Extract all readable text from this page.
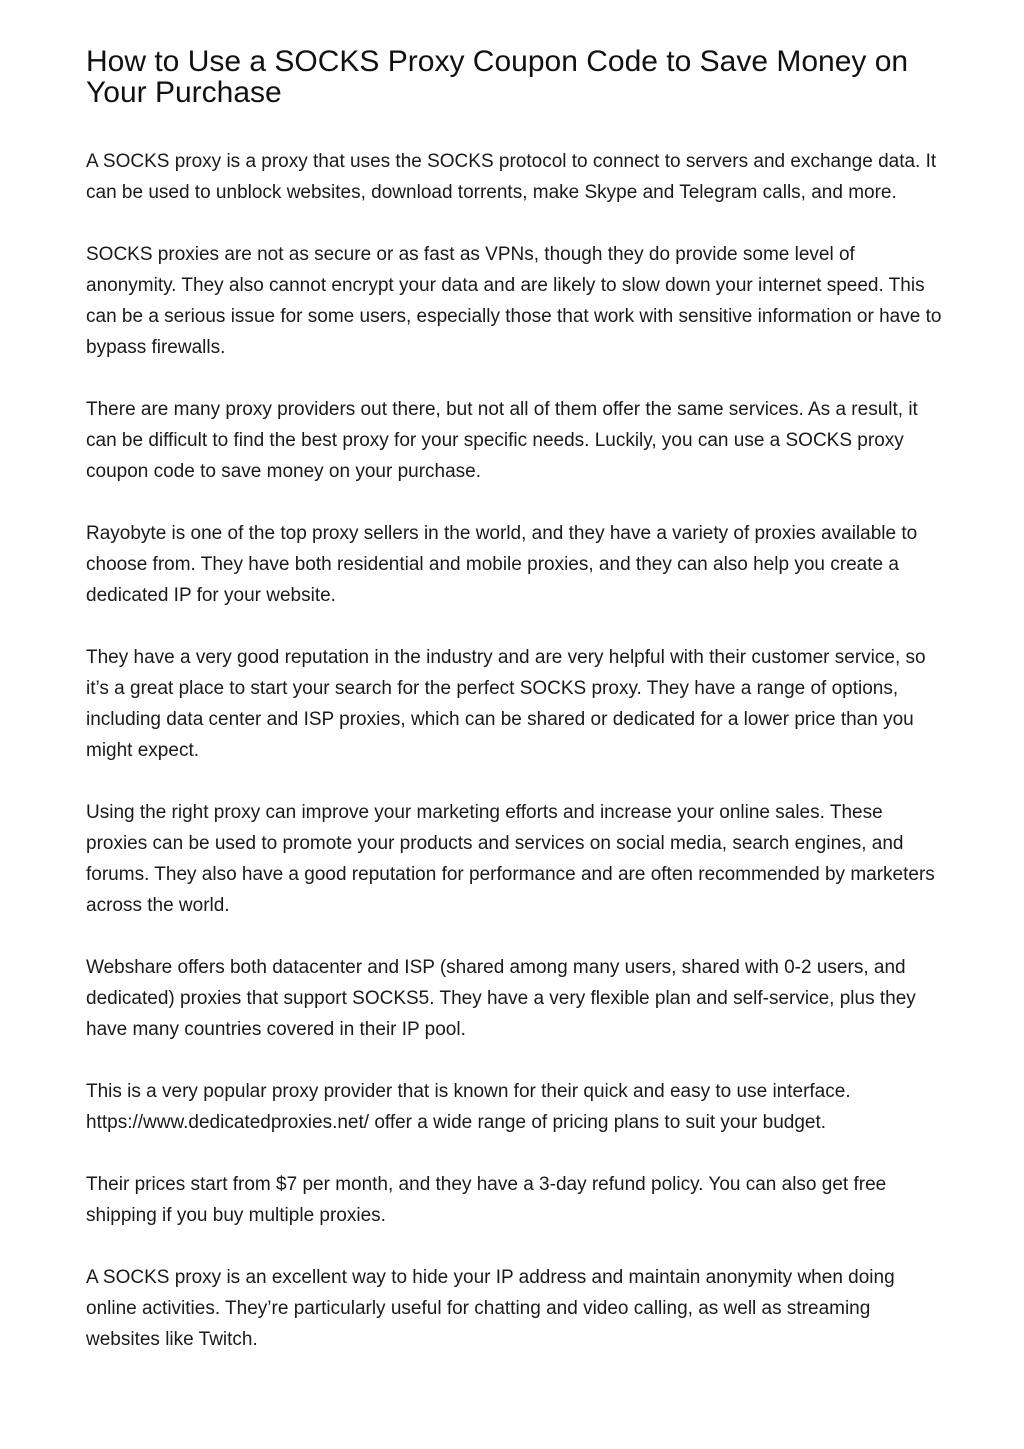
How to Use a SOCKS Proxy Coupon Code to Save Money on Your Purchase

A SOCKS proxy is a proxy that uses the SOCKS protocol to connect to servers and exchange data. It can be used to unblock websites, download torrents, make Skype and Telegram calls, and more.

SOCKS proxies are not as secure or as fast as VPNs, though they do provide some level of anonymity. They also cannot encrypt your data and are likely to slow down your internet speed. This can be a serious issue for some users, especially those that work with sensitive information or have to bypass firewalls.

There are many proxy providers out there, but not all of them offer the same services. As a result, it can be difficult to find the best proxy for your specific needs. Luckily, you can use a SOCKS proxy coupon code to save money on your purchase.

Rayobyte is one of the top proxy sellers in the world, and they have a variety of proxies available to choose from. They have both residential and mobile proxies, and they can also help you create a dedicated IP for your website.

They have a very good reputation in the industry and are very helpful with their customer service, so it’s a great place to start your search for the perfect SOCKS proxy. They have a range of options, including data center and ISP proxies, which can be shared or dedicated for a lower price than you might expect.

Using the right proxy can improve your marketing efforts and increase your online sales. These proxies can be used to promote your products and services on social media, search engines, and forums. They also have a good reputation for performance and are often recommended by marketers across the world.

Webshare offers both datacenter and ISP (shared among many users, shared with 0-2 users, and dedicated) proxies that support SOCKS5. They have a very flexible plan and self-service, plus they have many countries covered in their IP pool.

This is a very popular proxy provider that is known for their quick and easy to use interface. https://www.dedicatedproxies.net/ offer a wide range of pricing plans to suit your budget.

Their prices start from $7 per month, and they have a 3-day refund policy. You can also get free shipping if you buy multiple proxies.

A SOCKS proxy is an excellent way to hide your IP address and maintain anonymity when doing online activities. They’re particularly useful for chatting and video calling, as well as streaming websites like Twitch.
